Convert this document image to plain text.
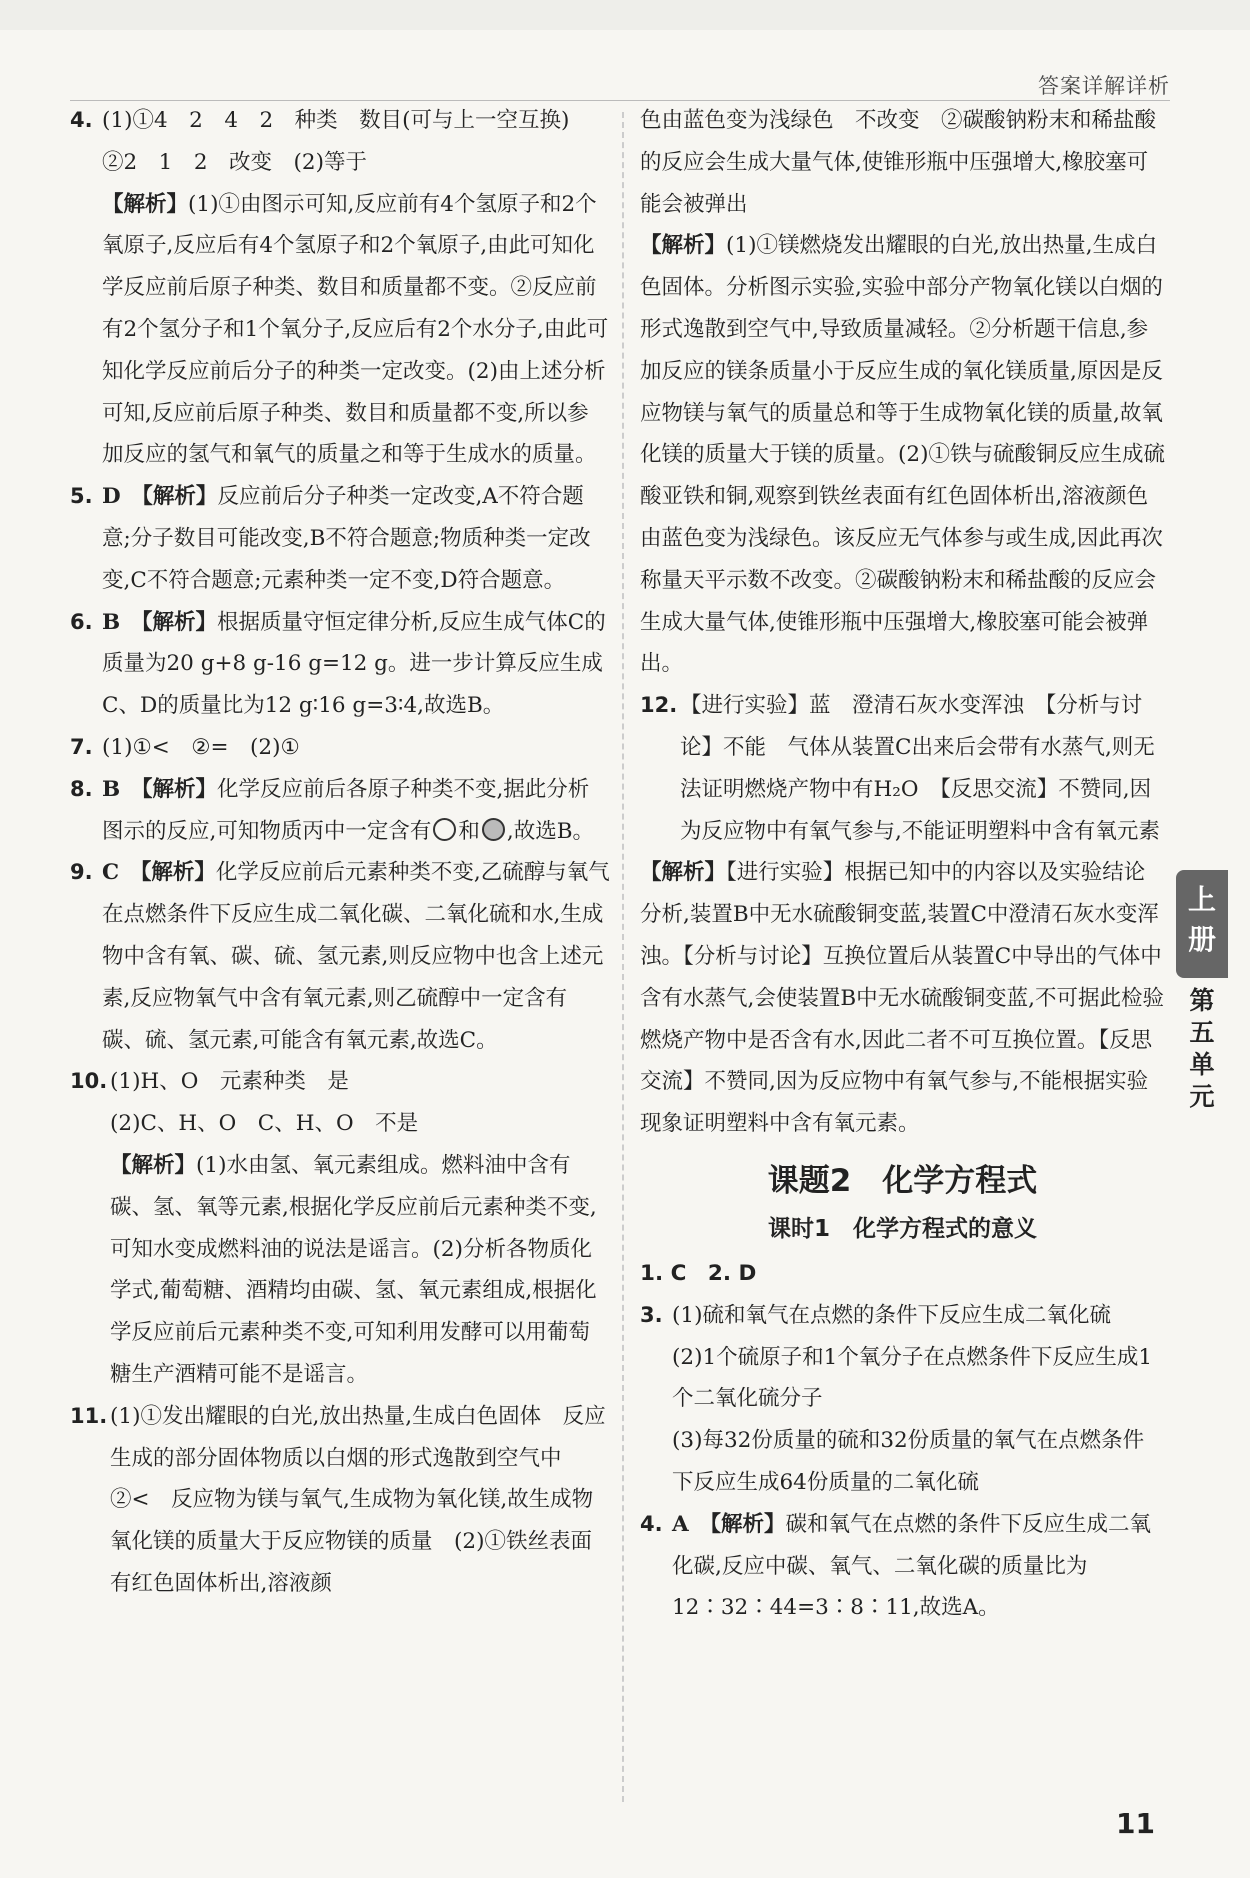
答案详解详析
4. (1)①4　2　4　2　种类　数目(可与上一空互换)　②2　1　2　改变　(2)等于
【解析】(1)①由图示可知,反应前有4个氢原子和2个氧原子,反应后有4个氢原子和2个氧原子,由此可知化学反应前后原子种类、数目和质量都不变。②反应前有2个氢分子和1个氧分子,反应后有2个水分子,由此可知化学反应前后分子的种类一定改变。(2)由上述分析可知,反应前后原子种类、数目和质量都不变,所以参加反应的氢气和氧气的质量之和等于生成水的质量。
5. D　 【解析】反应前后分子种类一定改变,A不符合题意;分子数目可能改变,B不符合题意;物质种类一定改变,C不符合题意;元素种类一定不变,D符合题意。
6. B　 【解析】根据质量守恒定律分析,反应生成气体C的质量为20 g+8 g-16 g=12 g。进一步计算反应生成C、D的质量比为12 g∶16 g=3∶4,故选B。
7. (1)①<　②=　(2)①
8. B　 【解析】化学反应前后各原子种类不变,据此分析图示的反应,可知物质丙中一定含有 和 ,故选B。
9. C　 【解析】化学反应前后元素种类不变,乙硫醇与氧气在点燃条件下反应生成二氧化碳、二氧化硫和水,生成物中含有氧、碳、硫、氢元素,则反应物中也含上述元素,反应物氧气中含有氧元素,则乙硫醇中一定含有碳、硫、氢元素,可能含有氧元素,故选C。
10. (1)H、O　元素种类　是
(2)C、H、O　C、H、O　不是
【解析】(1)水由氢、氧元素组成。燃料油中含有碳、氢、氧等元素,根据化学反应前后元素种类不变,可知水变成燃料油的说法是谣言。(2)分析各物质化学式,葡萄糖、酒精均由碳、氢、氧元素组成,根据化学反应前后元素种类不变,可知利用发酵可以用葡萄糖生产酒精可能不是谣言。
11. (1)①发出耀眼的白光,放出热量,生成白色固体　反应生成的部分固体物质以白烟的形式逸散到空气中　②<　反应物为镁与氧气,生成物为氧化镁,故生成物氧化镁的质量大于反应物镁的质量　(2)①铁丝表面有红色固体析出,溶液颜
色由蓝色变为浅绿色　不改变　②碳酸钠粉末和稀盐酸的反应会生成大量气体,使锥形瓶中压强增大,橡胶塞可能会被弹出
【解析】(1)①镁燃烧发出耀眼的白光,放出热量,生成白色固体。分析图示实验,实验中部分产物氧化镁以白烟的形式逸散到空气中,导致质量减轻。②分析题干信息,参加反应的镁条质量小于反应生成的氧化镁质量,原因是反应物镁与氧气的质量总和等于生成物氧化镁的质量,故氧化镁的质量大于镁的质量。(2)①铁与硫酸铜反应生成硫酸亚铁和铜,观察到铁丝表面有红色固体析出,溶液颜色由蓝色变为浅绿色。该反应无气体参与或生成,因此再次称量天平示数不改变。②碳酸钠粉末和稀盐酸的反应会生成大量气体,使锥形瓶中压强增大,橡胶塞可能会被弹出。
12. 【进行实验】蓝　澄清石灰水变浑浊　【分析与讨论】不能　气体从装置C出来后会带有水蒸气,则无法证明燃烧产物中有H₂O　【反思交流】不赞同,因为反应物中有氧气参与,不能证明塑料中含有氧元素
【解析】【进行实验】根据已知中的内容以及实验结论分析,装置B中无水硫酸铜变蓝,装置C中澄清石灰水变浑浊。【分析与讨论】互换位置后从装置C中导出的气体中含有水蒸气,会使装置B中无水硫酸铜变蓝,不可据此检验燃烧产物中是否含有水,因此二者不可互换位置。【反思交流】不赞同,因为反应物中有氧气参与,不能根据实验现象证明塑料中含有氧元素。
课题2　化学方程式
课时1　化学方程式的意义
1. C　2. D
3. (1)硫和氧气在点燃的条件下反应生成二氧化硫
(2)1个硫原子和1个氧分子在点燃条件下反应生成1个二氧化硫分子
(3)每32份质量的硫和32份质量的氧气在点燃条件下反应生成64份质量的二氧化硫
4. A　 【解析】碳和氧气在点燃的条件下反应生成二氧化碳,反应中碳、氧气、二氧化碳的质量比为12∶32∶44=3∶8∶11,故选A。
上
册
第
五
单
元
11
